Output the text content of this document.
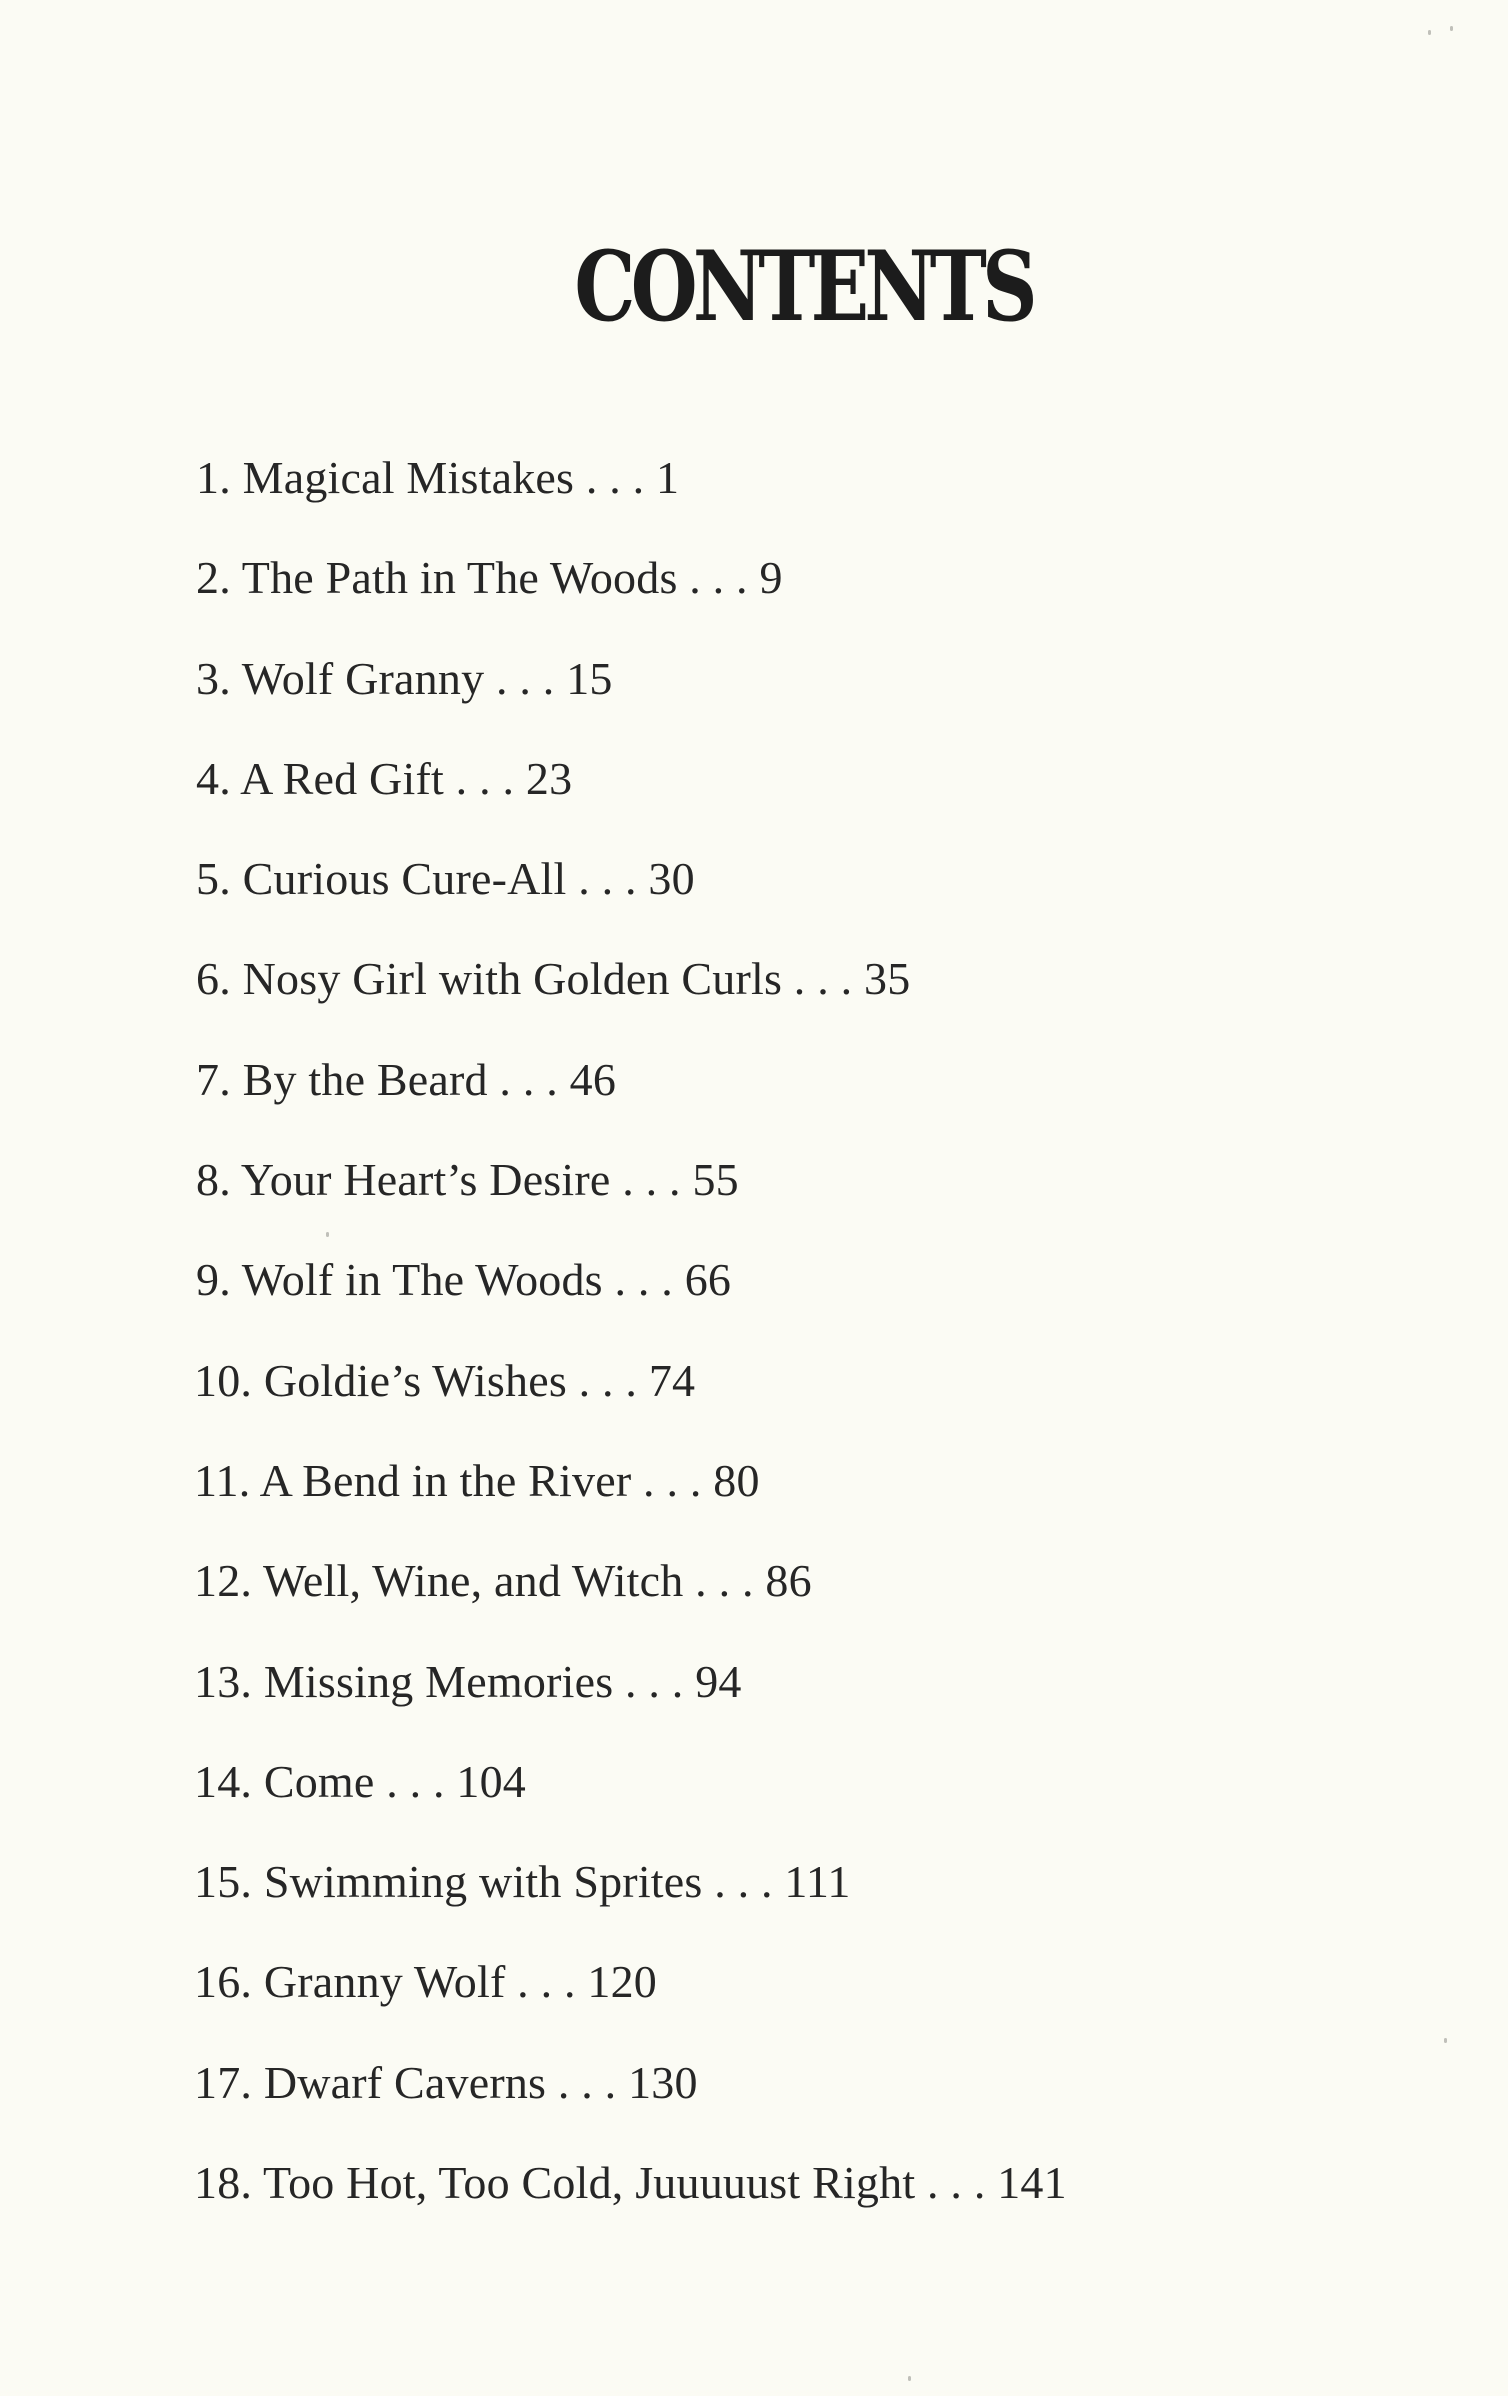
CONTENTS
1. Magical Mistakes . . . 1
2. The Path in The Woods . . . 9
3. Wolf Granny . . . 15
4. A Red Gift . . . 23
5. Curious Cure-All . . . 30
6. Nosy Girl with Golden Curls . . . 35
7. By the Beard . . . 46
8. Your Heart’s Desire . . . 55
9. Wolf in The Woods . . . 66
10. Goldie’s Wishes . . . 74
11. A Bend in the River . . . 80
12. Well, Wine, and Witch . . . 86
13. Missing Memories . . . 94
14. Come . . . 104
15. Swimming with Sprites . . . 111
16. Granny Wolf . . . 120
17. Dwarf Caverns . . . 130
18. Too Hot, Too Cold, Juuuuust Right . . . 141
